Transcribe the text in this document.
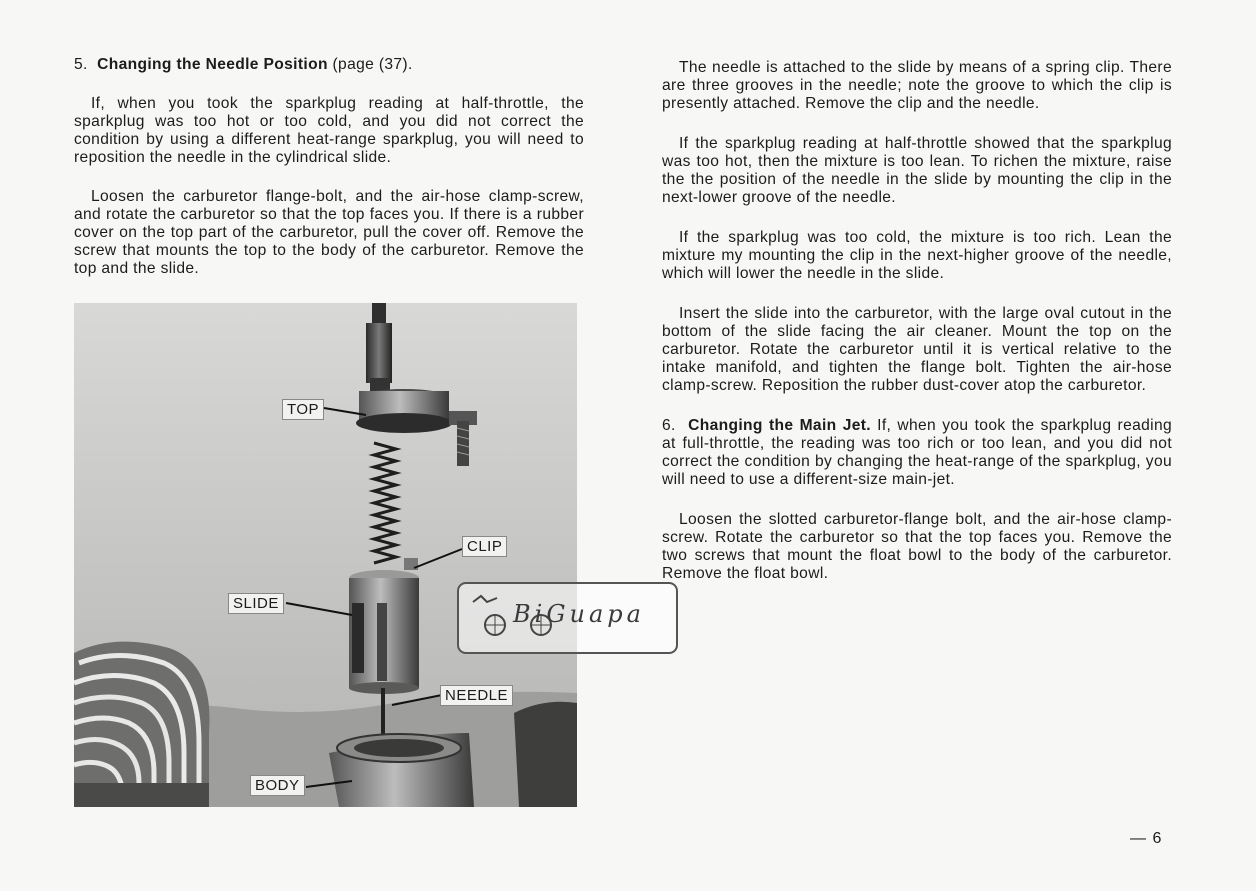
5. Changing the Needle Position (page (37).

If, when you took the sparkplug reading at half-throttle, the sparkplug was too hot or too cold, and you did not correct the condition by using a different heat-range sparkplug, you will need to reposition the needle in the cylindrical slide.

Loosen the carburetor flange-bolt, and the air-hose clamp-screw, and rotate the carburetor so that the top faces you. If there is a rubber cover on the top part of the carburetor, pull the cover off. Remove the screw that mounts the top to the body of the carburetor. Remove the top and the slide.

TOP
CLIP
SLIDE
NEEDLE
BODY

The needle is attached to the slide by means of a spring clip. There are three grooves in the needle; note the groove to which the clip is presently attached. Remove the clip and the needle.

If the sparkplug reading at half-throttle showed that the sparkplug was too hot, then the mixture is too lean. To richen the mixture, raise the the position of the needle in the slide by mounting the clip in the next-lower groove of the needle.

If the sparkplug was too cold, the mixture is too rich. Lean the mixture my mounting the clip in the next-higher groove of the needle, which will lower the needle in the slide.

Insert the slide into the carburetor, with the large oval cutout in the bottom of the slide facing the air cleaner. Mount the top on the carburetor. Rotate the carburetor until it is vertical relative to the intake manifold, and tighten the flange bolt. Tighten the air-hose clamp-screw. Reposition the rubber dust-cover atop the carburetor.

6. Changing the Main Jet. If, when you took the sparkplug reading at full-throttle, the reading was too rich or too lean, and you did not correct the condition by changing the heat-range of the sparkplug, you will need to use a different-size main-jet.

Loosen the slotted carburetor-flange bolt, and the air-hose clamp-screw. Rotate the carburetor so that the top faces you. Remove the two screws that mount the float bowl to the body of the carburetor. Remove the float bowl.

BiGuapa
— 6
